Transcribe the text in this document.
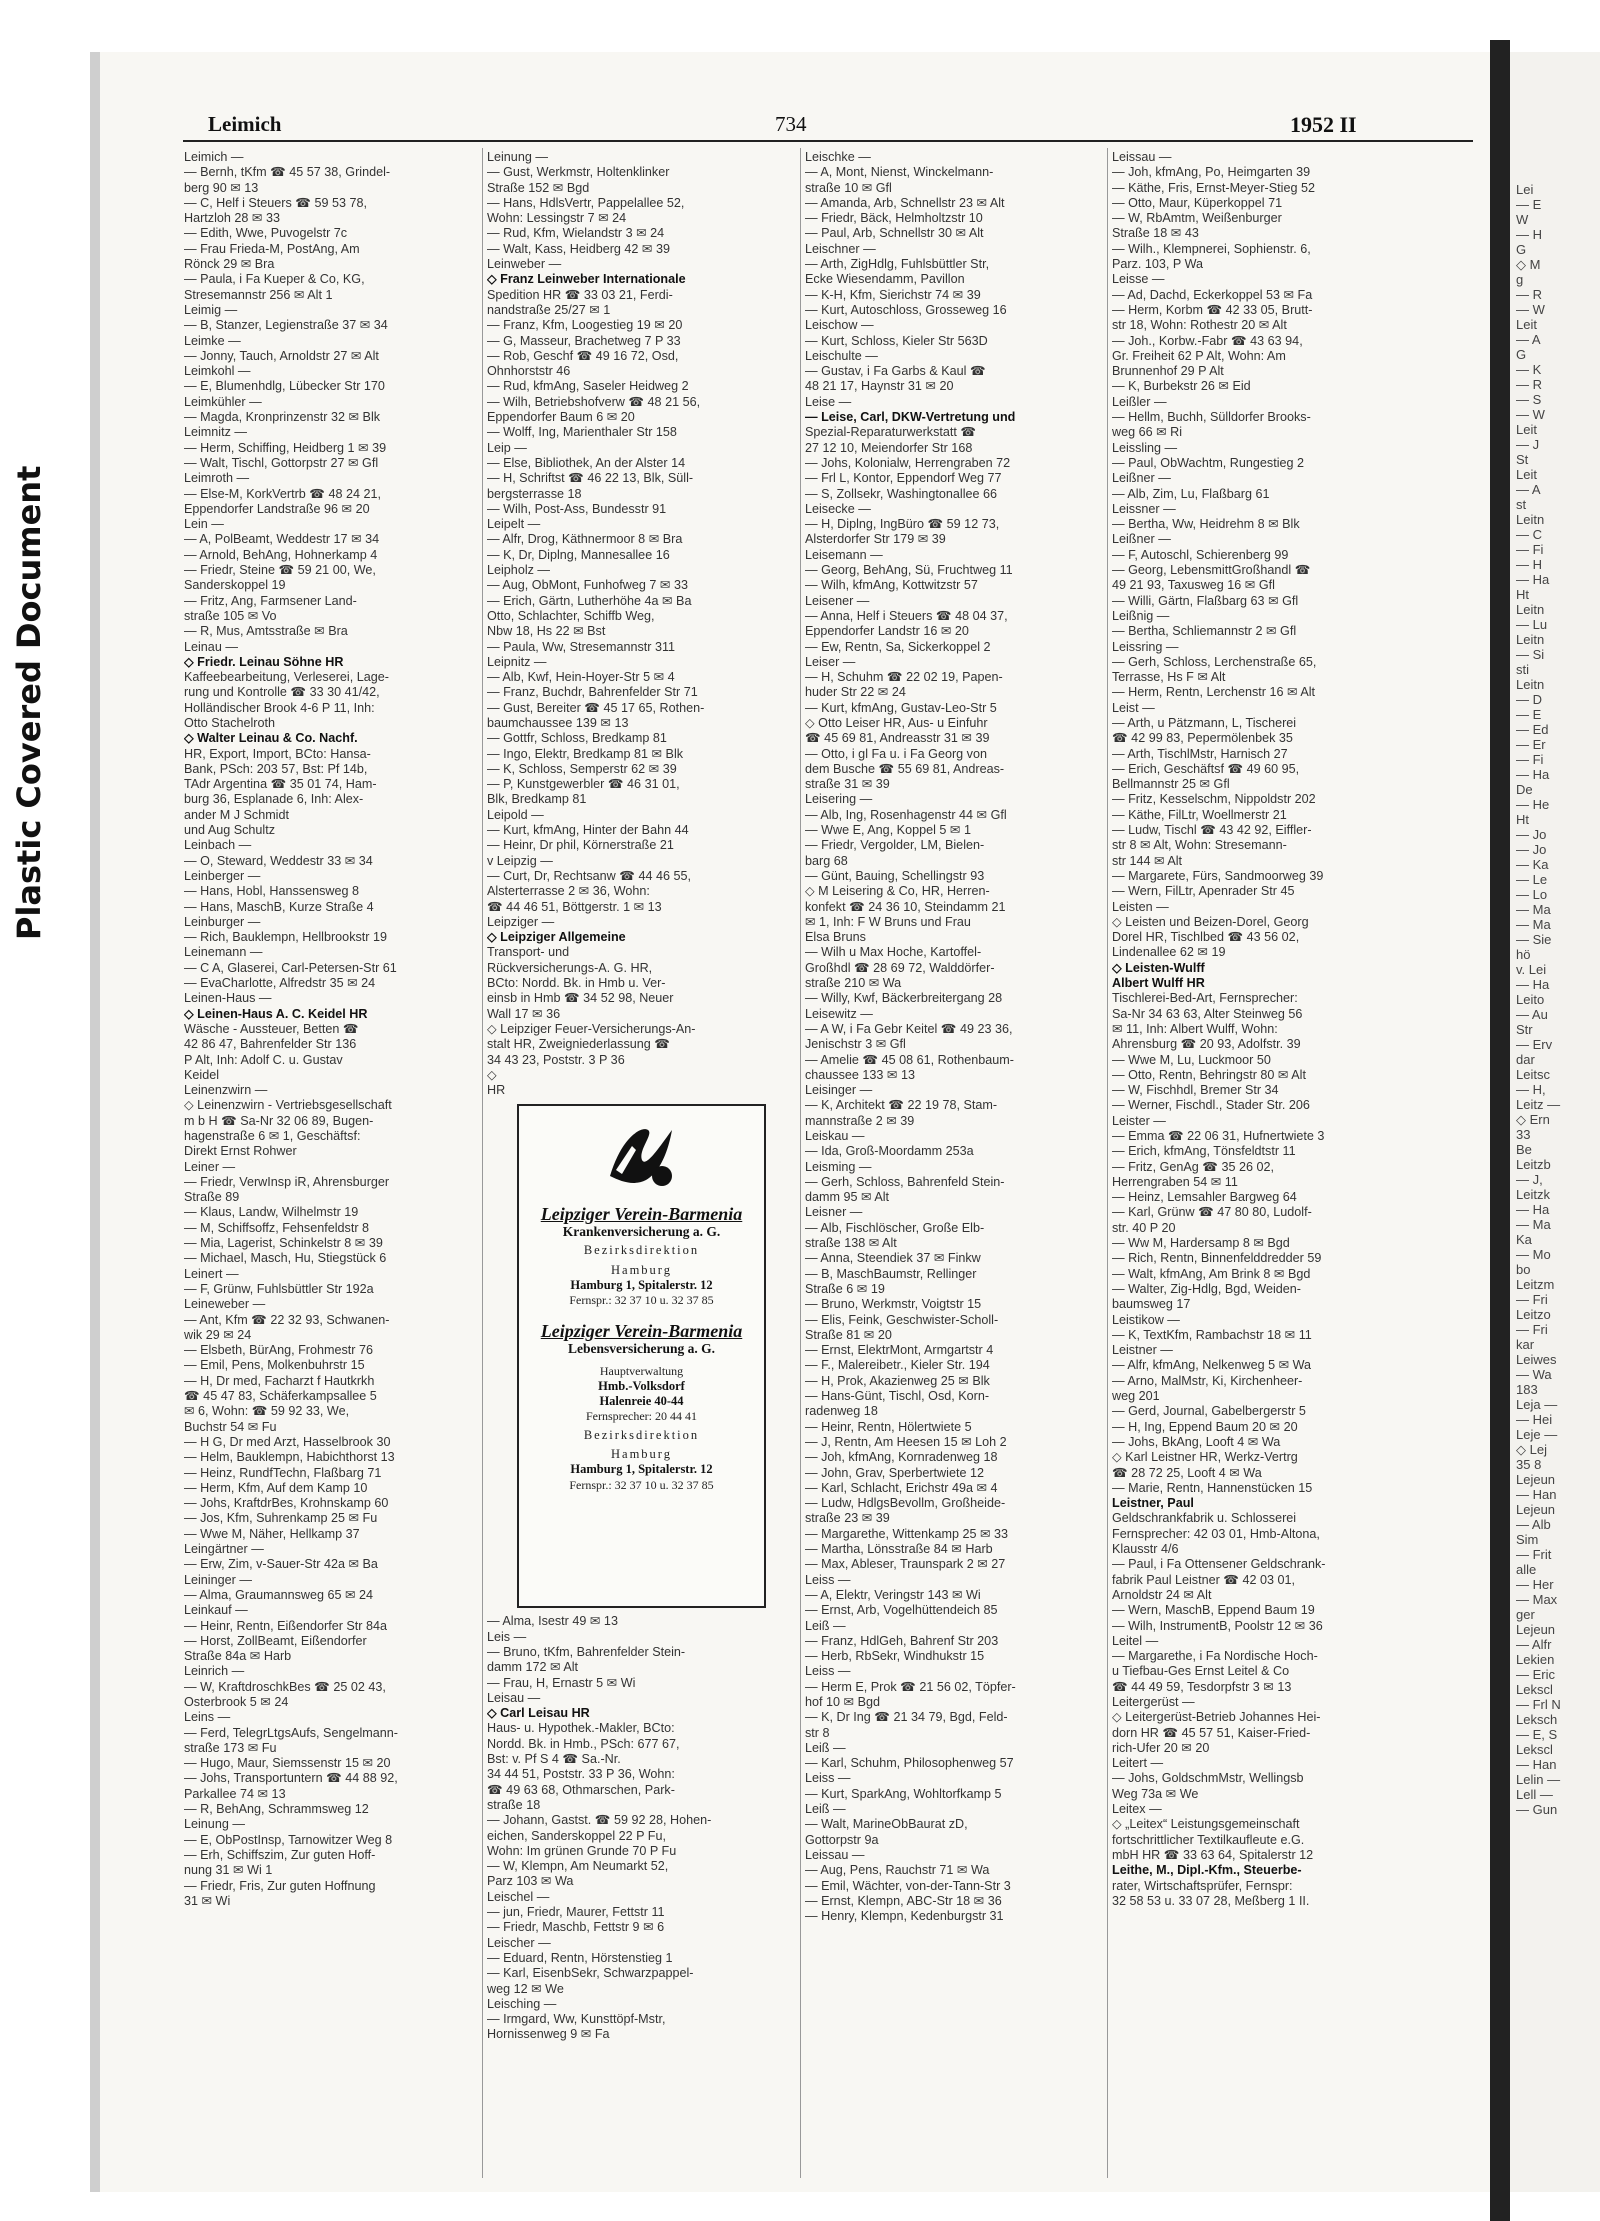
Lei
— E
W
— H
G
◇ M
g
— R
— W
Leit
— A
G
— K
— R
— S
— W
Leit
— J
St
Leit
— A
st
Leitn
— C
— Fi
— H
— Ha
Ht
Leitn
— Lu
Leitn
— Si
sti
Leitn
— D
— E
— Ed
— Er
— Fi
— Ha
De
— He
Ht
— Jo
— Jo
— Ka
— Le
— Lo
— Ma
— Ma
— Sie
hö
v. Lei
— Ha
Leito
— Au
Str
— Erv
dar
Leitsc
— H,
Leitz —
◇ Ern
33
Be
Leitzb
— J,
Leitzk
— Ha
— Ma
Ka
— Mo
bo
Leitzm
— Fri
Leitzo
— Fri
kar
Leiwes
— Wa
183
Leja —
— Hei
Leje —
◇ Lej
35 8
Lejeun
— Han
Lejeun
— Alb
Sim
— Frit
alle
— Her
— Max
ger
Lejeun
— Alfr
Lekien
— Eric
Lekscl
— Frl N
Leksch
— E, S
Lekscl
— Han
Lelin —
Lell —
— Gun
Plastic Covered Document
Leimich	734	1952 II
Leimich —
— Bernh, tKfm ☎ 45 57 38, Grindel-
berg 90 ✉ 13
— C, Helf i Steuers ☎ 59 53 78,
Hartzloh 28 ✉ 33
— Edith, Wwe, Puvogelstr 7c
— Frau Frieda-M, PostAng, Am
Rönck 29 ✉ Bra
— Paula, i Fa Kueper & Co, KG,
Stresemannstr 256 ✉ Alt 1
Leimig —
— B, Stanzer, Legienstraße 37 ✉ 34
Leimke —
— Jonny, Tauch, Arnoldstr 27 ✉ Alt
Leimkohl —
— E, Blumenhdlg, Lübecker Str 170
Leimkühler —
— Magda, Kronprinzenstr 32 ✉ Blk
Leimnitz —
— Herm, Schiffing, Heidberg 1 ✉ 39
— Walt, Tischl, Gottorpstr 27 ✉ Gfl
Leimroth —
— Else-M, KorkVertrb ☎ 48 24 21,
Eppendorfer Landstraße 96 ✉ 20
Lein —
— A, PolBeamt, Weddestr 17 ✉ 34
— Arnold, BehAng, Hohnerkamp 4
— Friedr, Steine ☎ 59 21 00, We,
Sanderskoppel 19
— Fritz, Ang, Farmsener Land-
straße 105 ✉ Vo
— R, Mus, Amtsstraße ✉ Bra
Leinau —
◇ Friedr. Leinau Söhne HR
Kaffeebearbeitung, Verleserei, Lage-
rung und Kontrolle ☎ 33 30 41/42,
Holländischer Brook 4-6 P 11, Inh:
Otto Stachelroth
◇ Walter Leinau & Co. Nachf.
HR, Export, Import, BCto: Hansa-
Bank, PSch: 203 57, Bst: Pf 14b,
TAdr Argentina ☎ 35 01 74, Ham-
burg 36, Esplanade 6, Inh: Alex-
ander M J Schmidt
und Aug Schultz
Leinbach —
— O, Steward, Weddestr 33 ✉ 34
Leinberger —
— Hans, Hobl, Hanssensweg 8
— Hans, MaschB, Kurze Straße 4
Leinburger —
— Rich, Bauklempn, Hellbrookstr 19
Leinemann —
— C A, Glaserei, Carl-Petersen-Str 61
— EvaCharlotte, Alfredstr 35 ✉ 24
Leinen-Haus —
◇ Leinen-Haus A. C. Keidel HR
Wäsche - Aussteuer, Betten ☎
42 86 47, Bahrenfelder Str 136
P Alt, Inh: Adolf C. u. Gustav
Keidel
Leinenzwirn —
◇ Leinenzwirn - Vertriebsgesellschaft
m b H ☎ Sa-Nr 32 06 89, Bugen-
hagenstraße 6 ✉ 1, Geschäftsf:
Direkt Ernst Rohwer
Leiner —
— Friedr, VerwInsp iR, Ahrensburger
Straße 89
— Klaus, Landw, Wilhelmstr 19
— M, Schiffsoffz, Fehsenfeldstr 8
— Mia, Lagerist, Schinkelstr 8 ✉ 39
— Michael, Masch, Hu, Stiegstück 6
Leinert —
— F, Grünw, Fuhlsbüttler Str 192a
Leineweber —
— Ant, Kfm ☎ 22 32 93, Schwanen-
wik 29 ✉ 24
— Elsbeth, BürAng, Frohmestr 76
— Emil, Pens, Molkenbuhrstr 15
— H, Dr med, Facharzt f Hautkrkh
☎ 45 47 83, Schäferkampsallee 5
✉ 6, Wohn: ☎ 59 92 33, We,
Buchstr 54 ✉ Fu
— H G, Dr med Arzt, Hasselbrook 30
— Helm, Bauklempn, Habichthorst 13
— Heinz, RundfTechn, Flaßbarg 71
— Herm, Kfm, Auf dem Kamp 10
— Johs, KraftdrBes, Krohnskamp 60
— Jos, Kfm, Suhrenkamp 25 ✉ Fu
— Wwe M, Näher, Hellkamp 37
Leingärtner —
— Erw, Zim, v-Sauer-Str 42a ✉ Ba
Leininger —
— Alma, Graumannsweg 65 ✉ 24
Leinkauf —
— Heinr, Rentn, Eißendorfer Str 84a
— Horst, ZollBeamt, Eißendorfer
Straße 84a ✉ Harb
Leinrich —
— W, KraftdroschkBes ☎ 25 02 43,
Osterbrook 5 ✉ 24
Leins —
— Ferd, TelegrLtgsAufs, Sengelmann-
straße 173 ✉ Fu
— Hugo, Maur, Siemssenstr 15 ✉ 20
— Johs, Transportuntern ☎ 44 88 92,
Parkallee 74 ✉ 13
— R, BehAng, Schrammsweg 12
Leinung —
— E, ObPostInsp, Tarnowitzer Weg 8
— Erh, Schiffszim, Zur guten Hoff-
nung 31 ✉ Wi 1
— Friedr, Fris, Zur guten Hoffnung
31 ✉ Wi
Leinung —
— Gust, Werkmstr, Holtenklinker
Straße 152 ✉ Bgd
— Hans, HdlsVertr, Pappelallee 52,
Wohn: Lessingstr 7 ✉ 24
— Rud, Kfm, Wielandstr 3 ✉ 24
— Walt, Kass, Heidberg 42 ✉ 39
Leinweber —
◇ Franz Leinweber Internationale
Spedition HR ☎ 33 03 21, Ferdi-
nandstraße 25/27 ✉ 1
— Franz, Kfm, Loogestieg 19 ✉ 20
— G, Masseur, Brachetweg 7 P 33
— Rob, Geschf ☎ 49 16 72, Osd,
Ohnhorststr 46
— Rud, kfmAng, Saseler Heidweg 2
— Wilh, Betriebshofverw ☎ 48 21 56,
Eppendorfer Baum 6 ✉ 20
— Wolff, Ing, Marienthaler Str 158
Leip —
— Else, Bibliothek, An der Alster 14
— H, Schriftst ☎ 46 22 13, Blk, Süll-
bergsterrasse 18
— Wilh, Post-Ass, Bundesstr 91
Leipelt —
— Alfr, Drog, Käthnermoor 8 ✉ Bra
— K, Dr, Diplng, Mannesallee 16
Leipholz —
— Aug, ObMont, Funhofweg 7 ✉ 33
— Erich, Gärtn, Lutherhöhe 4a ✉ Ba
Otto, Schlachter, Schiffb Weg,
Nbw 18, Hs 22 ✉ Bst
— Paula, Ww, Stresemannstr 311
Leipnitz —
— Alb, Kwf, Hein-Hoyer-Str 5 ✉ 4
— Franz, Buchdr, Bahrenfelder Str 71
— Gust, Bereiter ☎ 45 17 65, Rothen-
baumchaussee 139 ✉ 13
— Gottfr, Schloss, Bredkamp 81
— Ingo, Elektr, Bredkamp 81 ✉ Blk
— K, Schloss, Semperstr 62 ✉ 39
— P, Kunstgewerbler ☎ 46 31 01,
Blk, Bredkamp 81
Leipold —
— Kurt, kfmAng, Hinter der Bahn 44
— Heinr, Dr phil, Körnerstraße 21
v Leipzig —
— Curt, Dr, Rechtsanw ☎ 44 46 55,
Alsterterrasse 2 ✉ 36, Wohn:
☎ 44 46 51, Böttgerstr. 1 ✉ 13
Leipziger —
◇ Leipziger Allgemeine
Transport- und
Rückversicherungs-A. G. HR,
BCto: Nordd. Bk. in Hmb u. Ver-
einsb in Hmb ☎ 34 52 98, Neuer
Wall 17 ✉ 36
◇ Leipziger Feuer-Versicherungs-An-
stalt HR, Zweigniederlassung ☎
34 43 23, Poststr. 3 P 36
◇
HR
Leipziger Verein-Barmenia
Krankenversicherung a. G.
Bezirksdirektion
Hamburg
Hamburg 1, Spitalerstr. 12
Fernspr.: 32 37 10 u. 32 37 85
Leipziger Verein-Barmenia
Lebensversicherung a. G.
Hauptverwaltung
Hmb.-Volksdorf
Halenreie 40-44
Fernsprecher: 20 44 41
Bezirksdirektion
Hamburg
Hamburg 1, Spitalerstr. 12
Fernspr.: 32 37 10 u. 32 37 85
— Alma, Isestr 49 ✉ 13
Leis —
— Bruno, tKfm, Bahrenfelder Stein-
damm 172 ✉ Alt
— Frau, H, Ernastr 5 ✉ Wi
Leisau —
◇ Carl Leisau HR
Haus- u. Hypothek.-Makler, BCto:
Nordd. Bk. in Hmb., PSch: 677 67,
Bst: v. Pf S 4 ☎ Sa.-Nr.
34 44 51, Poststr. 33 P 36, Wohn:
☎ 49 63 68, Othmarschen, Park-
straße 18
— Johann, Gastst. ☎ 59 92 28, Hohen-
eichen, Sanderskoppel 22 P Fu,
Wohn: Im grünen Grunde 70 P Fu
— W, Klempn, Am Neumarkt 52,
Parz 103 ✉ Wa
Leischel —
— jun, Friedr, Maurer, Fettstr 11
— Friedr, Maschb, Fettstr 9 ✉ 6
Leischer —
— Eduard, Rentn, Hörstenstieg 1
— Karl, EisenbSekr, Schwarzpappel-
weg 12 ✉ We
Leisching —
— Irmgard, Ww, Kunsttöpf-Mstr,
Hornissenweg 9 ✉ Fa
Leischke —
— A, Mont, Nienst, Winckelmann-
straße 10 ✉ Gfl
— Amanda, Arb, Schnellstr 23 ✉ Alt
— Friedr, Bäck, Helmholtzstr 10
— Paul, Arb, Schnellstr 30 ✉ Alt
Leischner —
— Arth, ZigHdlg, Fuhlsbüttler Str,
Ecke Wiesendamm, Pavillon
— K-H, Kfm, Sierichstr 74 ✉ 39
— Kurt, Autoschloss, Grosseweg 16
Leischow —
— Kurt, Schloss, Kieler Str 563D
Leischulte —
— Gustav, i Fa Garbs & Kaul ☎
48 21 17, Haynstr 31 ✉ 20
Leise —
— Leise, Carl, DKW-Vertretung und
Spezial-Reparaturwerkstatt ☎
27 12 10, Meiendorfer Str 168
— Johs, Kolonialw, Herrengraben 72
— Frl L, Kontor, Eppendorf Weg 77
— S, Zollsekr, Washingtonallee 66
Leisecke —
— H, Diplng, IngBüro ☎ 59 12 73,
Alsterdorfer Str 179 ✉ 39
Leisemann —
— Georg, BehAng, Sü, Fruchtweg 11
— Wilh, kfmAng, Kottwitzstr 57
Leisener —
— Anna, Helf i Steuers ☎ 48 04 37,
Eppendorfer Landstr 16 ✉ 20
— Ew, Rentn, Sa, Sickerkoppel 2
Leiser —
— H, Schuhm ☎ 22 02 19, Papen-
huder Str 22 ✉ 24
— Kurt, kfmAng, Gustav-Leo-Str 5
◇ Otto Leiser HR, Aus- u Einfuhr
☎ 45 69 81, Andreasstr 31 ✉ 39
— Otto, i gl Fa u. i Fa Georg von
dem Busche ☎ 55 69 81, Andreas-
straße 31 ✉ 39
Leisering —
— Alb, Ing, Rosenhagenstr 44 ✉ Gfl
— Wwe E, Ang, Koppel 5 ✉ 1
— Friedr, Vergolder, LM, Bielen-
barg 68
— Günt, Bauing, Schellingstr 93
◇ M Leisering & Co, HR, Herren-
konfekt ☎ 24 36 10, Steindamm 21
✉ 1, Inh: F W Bruns und Frau
Elsa Bruns
— Wilh u Max Hoche, Kartoffel-
Großhdl ☎ 28 69 72, Walddörfer-
straße 210 ✉ Wa
— Willy, Kwf, Bäckerbreitergang 28
Leisewitz —
— A W, i Fa Gebr Keitel ☎ 49 23 36,
Jenischstr 3 ✉ Gfl
— Amelie ☎ 45 08 61, Rothenbaum-
chaussee 133 ✉ 13
Leisinger —
— K, Architekt ☎ 22 19 78, Stam-
mannstraße 2 ✉ 39
Leiskau —
— Ida, Groß-Moordamm 253a
Leisming —
— Gerh, Schloss, Bahrenfeld Stein-
damm 95 ✉ Alt
Leisner —
— Alb, Fischlöscher, Große Elb-
straße 138 ✉ Alt
— Anna, Steendiek 37 ✉ Finkw
— B, MaschBaumstr, Rellinger
Straße 6 ✉ 19
— Bruno, Werkmstr, Voigtstr 15
— Elis, Feink, Geschwister-Scholl-
Straße 81 ✉ 20
— Ernst, ElektrMont, Armgartstr 4
— F., Malereibetr., Kieler Str. 194
— H, Prok, Akazienweg 25 ✉ Blk
— Hans-Günt, Tischl, Osd, Korn-
radenweg 18
— Heinr, Rentn, Hölertwiete 5
— J, Rentn, Am Heesen 15 ✉ Loh 2
— Joh, kfmAng, Kornradenweg 18
— John, Grav, Sperbertwiete 12
— Karl, Schlacht, Erichstr 49a ✉ 4
— Ludw, HdlgsBevollm, Großheide-
straße 23 ✉ 39
— Margarethe, Wittenkamp 25 ✉ 33
— Martha, Lönsstraße 84 ✉ Harb
— Max, Ableser, Traunspark 2 ✉ 27
Leiss —
— A, Elektr, Veringstr 143 ✉ Wi
— Ernst, Arb, Vogelhüttendeich 85
Leiß —
— Franz, HdlGeh, Bahrenf Str 203
— Herb, RbSekr, Windhukstr 15
Leiss —
— Herm E, Prok ☎ 21 56 02, Töpfer-
hof 10 ✉ Bgd
— K, Dr Ing ☎ 21 34 79, Bgd, Feld-
str 8
Leiß —
— Karl, Schuhm, Philosophenweg 57
Leiss —
— Kurt, SparkAng, Wohltorfkamp 5
Leiß —
— Walt, MarineObBaurat zD,
Gottorpstr 9a
Leissau —
— Aug, Pens, Rauchstr 71 ✉ Wa
— Emil, Wächter, von-der-Tann-Str 3
— Ernst, Klempn, ABC-Str 18 ✉ 36
— Henry, Klempn, Kedenburgstr 31
Leissau —
— Joh, kfmAng, Po, Heimgarten 39
— Käthe, Fris, Ernst-Meyer-Stieg 52
— Otto, Maur, Küperkoppel 71
— W, RbAmtm, Weißenburger
Straße 18 ✉ 43
— Wilh., Klempnerei, Sophienstr. 6,
Parz. 103, P Wa
Leisse —
— Ad, Dachd, Eckerkoppel 53 ✉ Fa
— Herm, Korbm ☎ 42 33 05, Brutt-
str 18, Wohn: Rothestr 20 ✉ Alt
— Joh., Korbw.-Fabr ☎ 43 63 94,
Gr. Freiheit 62 P Alt, Wohn: Am
Brunnenhof 29 P Alt
— K, Burbekstr 26 ✉ Eid
Leißler —
— Hellm, Buchh, Sülldorfer Brooks-
weg 66 ✉ Ri
Leissling —
— Paul, ObWachtm, Rungestieg 2
Leißner —
— Alb, Zim, Lu, Flaßbarg 61
Leissner —
— Bertha, Ww, Heidrehm 8 ✉ Blk
Leißner —
— F, Autoschl, Schierenberg 99
— Georg, LebensmittGroßhandl ☎
49 21 93, Taxusweg 16 ✉ Gfl
— Willi, Gärtn, Flaßbarg 63 ✉ Gfl
Leißnig —
— Bertha, Schliemannstr 2 ✉ Gfl
Leissring —
— Gerh, Schloss, Lerchenstraße 65,
Terrasse, Hs F ✉ Alt
— Herm, Rentn, Lerchenstr 16 ✉ Alt
Leist —
— Arth, u Pätzmann, L, Tischerei
☎ 42 99 83, Pepermölenbek 35
— Arth, TischlMstr, Harnisch 27
— Erich, Geschäftsf ☎ 49 60 95,
Bellmannstr 25 ✉ Gfl
— Fritz, Kesselschm, Nippoldstr 202
— Käthe, FilLtr, Woellmerstr 21
— Ludw, Tischl ☎ 43 42 92, Eiffler-
str 8 ✉ Alt, Wohn: Stresemann-
str 144 ✉ Alt
— Margarete, Fürs, Sandmoorweg 39
— Wern, FilLtr, Apenrader Str 45
Leisten —
◇ Leisten und Beizen-Dorel, Georg
Dorel HR, Tischlbed ☎ 43 56 02,
Lindenallee 62 ✉ 19
◇ Leisten-Wulff
Albert Wulff HR
Tischlerei-Bed-Art, Fernsprecher:
Sa-Nr 34 63 63, Alter Steinweg 56
✉ 11, Inh: Albert Wulff, Wohn:
Ahrensburg ☎ 20 93, Adolfstr. 39
— Wwe M, Lu, Luckmoor 50
— Otto, Rentn, Behringstr 80 ✉ Alt
— W, Fischhdl, Bremer Str 34
— Werner, Fischdl., Stader Str. 206
Leister —
— Emma ☎ 22 06 31, Hufnertwiete 3
— Erich, kfmAng, Tönsfeldtstr 11
— Fritz, GenAg ☎ 35 26 02,
Herrengraben 54 ✉ 11
— Heinz, Lemsahler Bargweg 64
— Karl, Grünw ☎ 47 80 80, Ludolf-
str. 40 P 20
— Ww M, Hardersamp 8 ✉ Bgd
— Rich, Rentn, Binnenfelddredder 59
— Walt, kfmAng, Am Brink 8 ✉ Bgd
— Walter, Zig-Hdlg, Bgd, Weiden-
baumsweg 17
Leistikow —
— K, TextKfm, Rambachstr 18 ✉ 11
Leistner —
— Alfr, kfmAng, Nelkenweg 5 ✉ Wa
— Arno, MalMstr, Ki, Kirchenheer-
weg 201
— Gerd, Journal, Gabelbergerstr 5
— H, Ing, Eppend Baum 20 ✉ 20
— Johs, BkAng, Looft 4 ✉ Wa
◇ Karl Leistner HR, Werkz-Vertrg
☎ 28 72 25, Looft 4 ✉ Wa
— Marie, Rentn, Hannenstücken 15
Leistner, Paul
Geldschrankfabrik u. Schlosserei
Fernsprecher: 42 03 01, Hmb-Altona,
Klausstr 4/6
— Paul, i Fa Ottensener Geldschrank-
fabrik Paul Leistner ☎ 42 03 01,
Arnoldstr 24 ✉ Alt
— Wern, MaschB, Eppend Baum 19
— Wilh, InstrumentB, Poolstr 12 ✉ 36
Leitel —
— Margarethe, i Fa Nordische Hoch-
u Tiefbau-Ges Ernst Leitel & Co
☎ 44 49 59, Tesdorpfstr 3 ✉ 13
Leitergerüst —
◇ Leitergerüst-Betrieb Johannes Hei-
dorn HR ☎ 45 57 51, Kaiser-Fried-
rich-Ufer 20 ✉ 20
Leitert —
— Johs, GoldschmMstr, Wellingsb
Weg 73a ✉ We
Leitex —
◇ „Leitex“ Leistungsgemeinschaft
fortschrittlicher Textilkaufleute e.G.
mbH HR ☎ 33 63 64, Spitalerstr 12
Leithe, M., Dipl.-Kfm., Steuerbe-
rater, Wirtschaftsprüfer, Fernspr:
32 58 53 u. 33 07 28, Meßberg 1 II.
